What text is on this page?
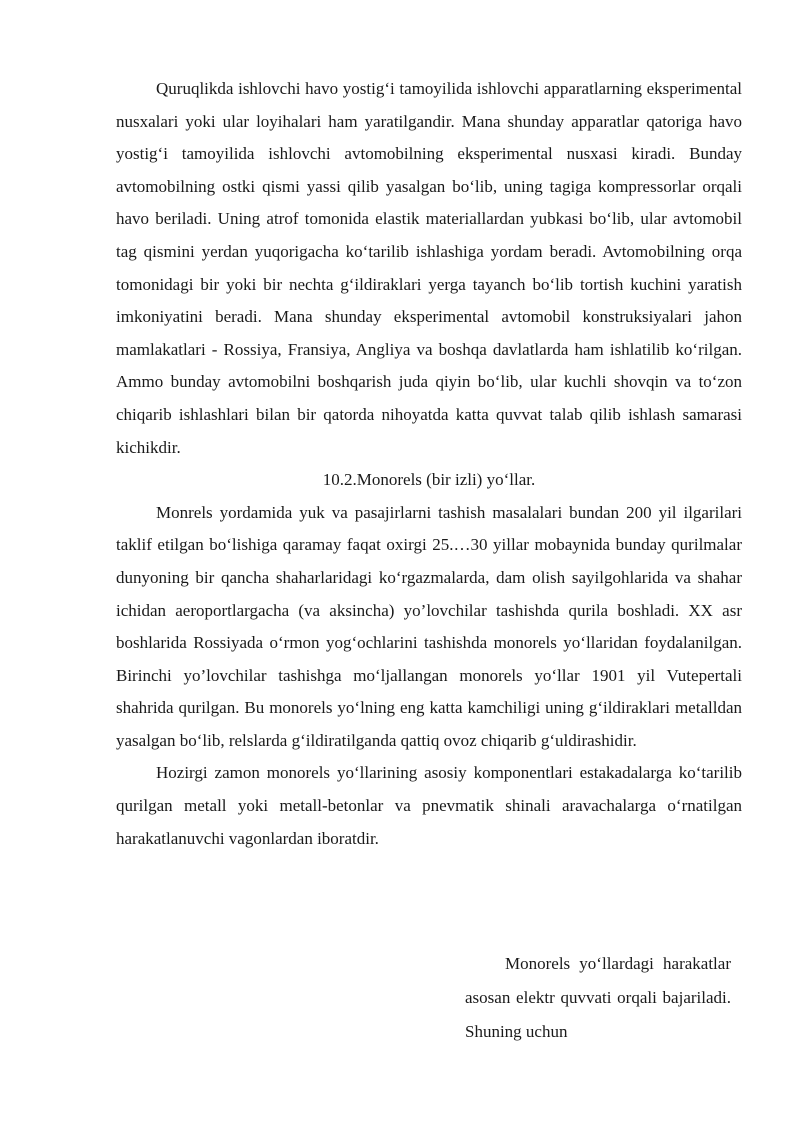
Quruqlikda ishlovchi havo yostig‘i tamoyilida ishlovchi apparatlarning eksperimental nusxalari yoki ular loyihalari ham yaratilgandir. Mana shunday apparatlar qatoriga havo yostig‘i tamoyilida ishlovchi avtomobilning eksperimental nusxasi kiradi. Bunday avtomobilning ostki qismi yassi qilib yasalgan bo‘lib, uning tagiga kompressorlar orqali havo beriladi. Uning atrof tomonida elastik materiallardan yubkasi bo‘lib, ular avtomobil tag qismini yerdan yuqorigacha ko‘tarilib ishlashiga yordam beradi. Avtomobilning orqa tomonidagi bir yoki bir nechta g‘ildiraklari yerga tayanch bo‘lib tortish kuchini yaratish imkoniyatini beradi. Mana shunday eksperimental avtomobil konstruksiyalari jahon mamlakatlari - Rossiya, Fransiya, Angliya va boshqa davlatlarda ham ishlatilib ko‘rilgan. Ammo bunday avtomobilni boshqarish juda qiyin bo‘lib, ular kuchli shovqin va to‘zon chiqarib ishlashlari bilan bir qatorda nihoyatda katta quvvat talab qilib ishlash samarasi kichikdir.

10.2.Monorels (bir izli) yo‘llar.

Monrels yordamida yuk va pasajirlarni tashish masalalari bundan 200 yil ilgarilari taklif etilgan bo‘lishiga qaramay faqat oxirgi 25.…30 yillar mobaynida bunday qurilmalar dunyoning bir qancha shaharlaridagi ko‘rgazmalarda, dam olish sayilgohlarida va shahar ichidan aeroportlargacha (va aksincha) yo’lovchilar tashishda qurila boshladi. XX asr boshlarida Rossiyada o‘rmon yog‘ochlarini tashishda monorels yo‘llaridan foydalanilgan. Birinchi yo’lovchilar tashishga mo‘ljallangan monorels yo‘llar 1901 yil Vutepertali shahrida qurilgan. Bu monorels yo‘lning eng katta kamchiligi uning g‘ildiraklari metalldan yasalgan bo‘lib, relslarda g‘ildiratilganda qattiq ovoz chiqarib g‘uldirashidir.

Hozirgi zamon monorels yo‘llarining asosiy komponentlari estakadalarga ko‘tarilib qurilgan metall yoki metall-betonlar va pnevmatik shinali aravachalarga o‘rnatilgan harakatlanuvchi vagonlardan iboratdir.

Monorels yo‘llardagi harakatlar asosan elektr quvvati orqali bajariladi. Shuning uchun
